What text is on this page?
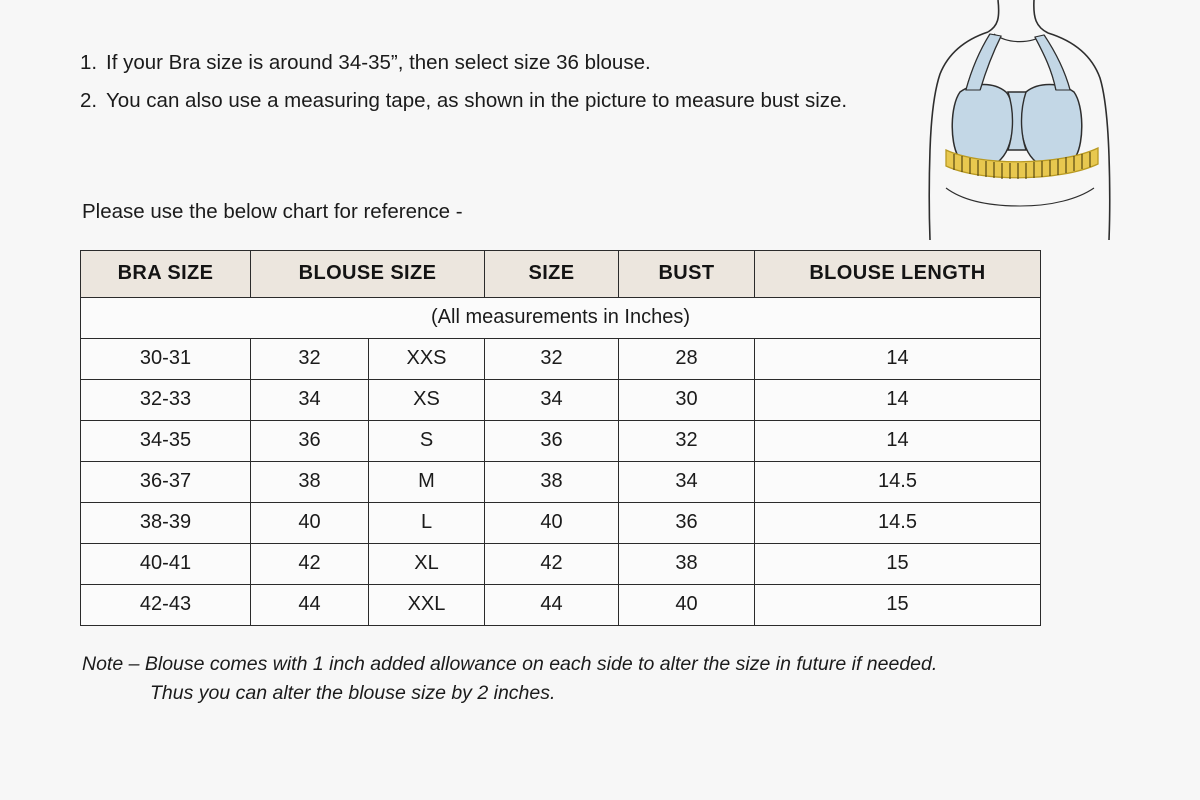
1. If your Bra size is around 34-35”, then select size 36 blouse.
2. You can also use a measuring tape, as shown in the picture to measure bust size.
Please use the below chart for reference -
BRA SIZE	BLOUSE SIZE		SIZE	BUST	BLOUSE LENGTH
(All measurements in Inches)					
30-31	32	XXS	32	28	14
32-33	34	XS	34	30	14
34-35	36	S	36	32	14
36-37	38	M	38	34	14.5
38-39	40	L	40	36	14.5
40-41	42	XL	42	38	15
42-43	44	XXL	44	40	15
Note – Blouse comes with 1 inch added allowance on each side to alter the size in future if needed.
Thus you can alter the blouse size by 2 inches.
